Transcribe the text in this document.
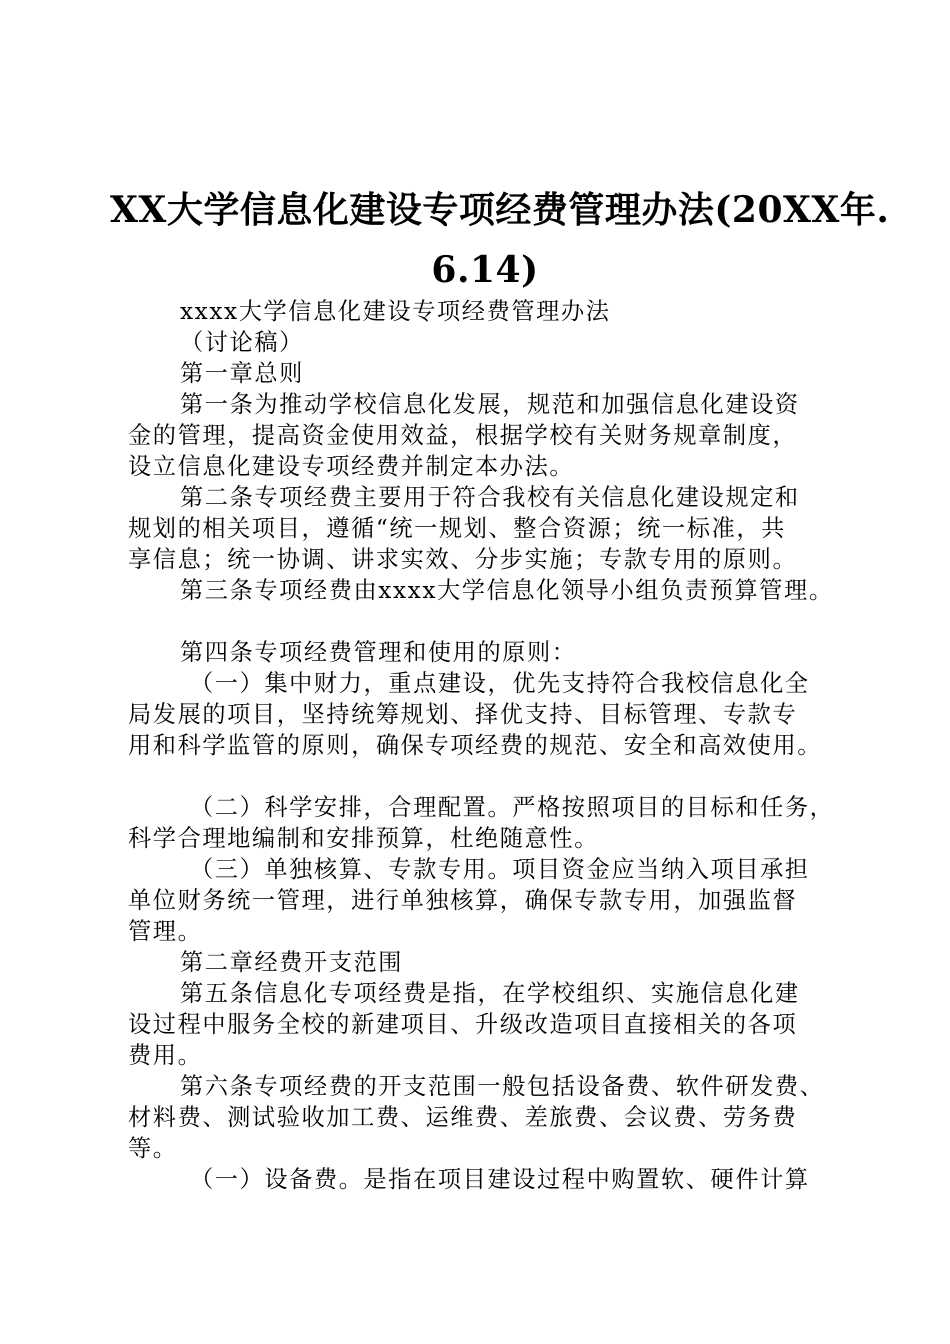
XX大学信息化建设专项经费管理办法(20XX年.
6.14)
xxxx大学信息化建设专项经费管理办法
（讨论稿）
第一章总则
第一条为推动学校信息化发展，规范和加强信息化建设资
金的管理，提高资金使用效益，根据学校有关财务规章制度，
设立信息化建设专项经费并制定本办法。
第二条专项经费主要用于符合我校有关信息化建设规定和
规划的相关项目，遵循“统一规划、整合资源；统一标准，共
享信息；统一协调、讲求实效、分步实施；专款专用的原则。
第三条专项经费由xxxx大学信息化领导小组负责预算管理。
第四条专项经费管理和使用的原则：
（一）集中财力，重点建设，优先支持符合我校信息化全
局发展的项目，坚持统筹规划、择优支持、目标管理、专款专
用和科学监管的原则，确保专项经费的规范、安全和高效使用。
（二）科学安排，合理配置。严格按照项目的目标和任务，
科学合理地编制和安排预算，杜绝随意性。
（三）单独核算、专款专用。项目资金应当纳入项目承担
单位财务统一管理，进行单独核算，确保专款专用，加强监督
管理。
第二章经费开支范围
第五条信息化专项经费是指，在学校组织、实施信息化建
设过程中服务全校的新建项目、升级改造项目直接相关的各项
费用。
第六条专项经费的开支范围一般包括设备费、软件研发费、
材料费、测试验收加工费、运维费、差旅费、会议费、劳务费
等。
（一）设备费。是指在项目建设过程中购置软、硬件计算
